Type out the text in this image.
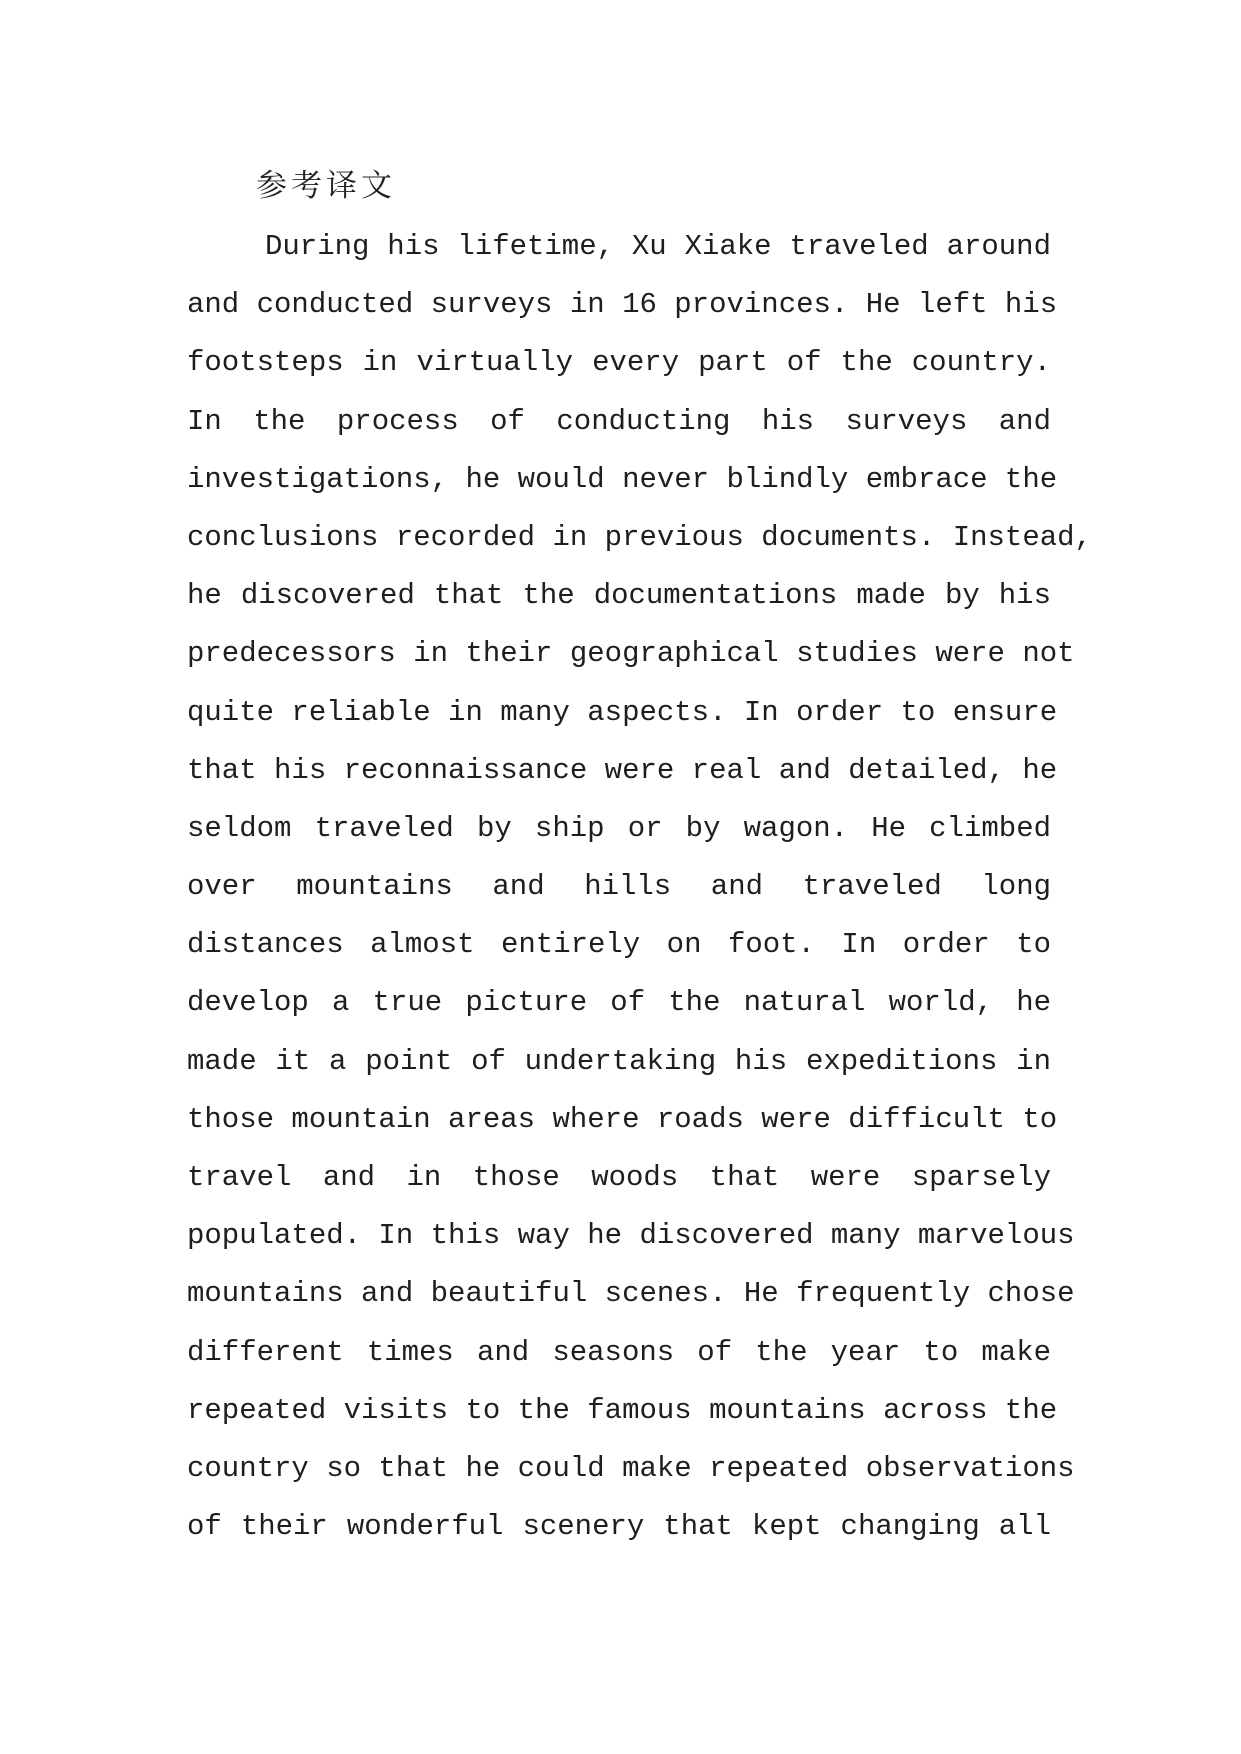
参考译文
During his lifetime, Xu Xiake traveled around
and conducted surveys in 16 provinces. He left his
footsteps in virtually every part of the country.
In the process of conducting his surveys and
investigations, he would never blindly embrace the
conclusions recorded in previous documents. Instead,
he discovered that the documentations made by his
predecessors in their geographical studies were not
quite reliable in many aspects. In order to ensure
that his reconnaissance were real and detailed, he
seldom traveled by ship or by wagon. He climbed
over mountains and hills and traveled long
distances almost entirely on foot. In order to
develop a true picture of the natural world, he
made it a point of undertaking his expeditions in
those mountain areas where roads were difficult to
travel and in those woods that were sparsely
populated. In this way he discovered many marvelous
mountains and beautiful scenes. He frequently chose
different times and seasons of the year to make
repeated visits to the famous mountains across the
country so that he could make repeated observations
of their wonderful scenery that kept changing all
